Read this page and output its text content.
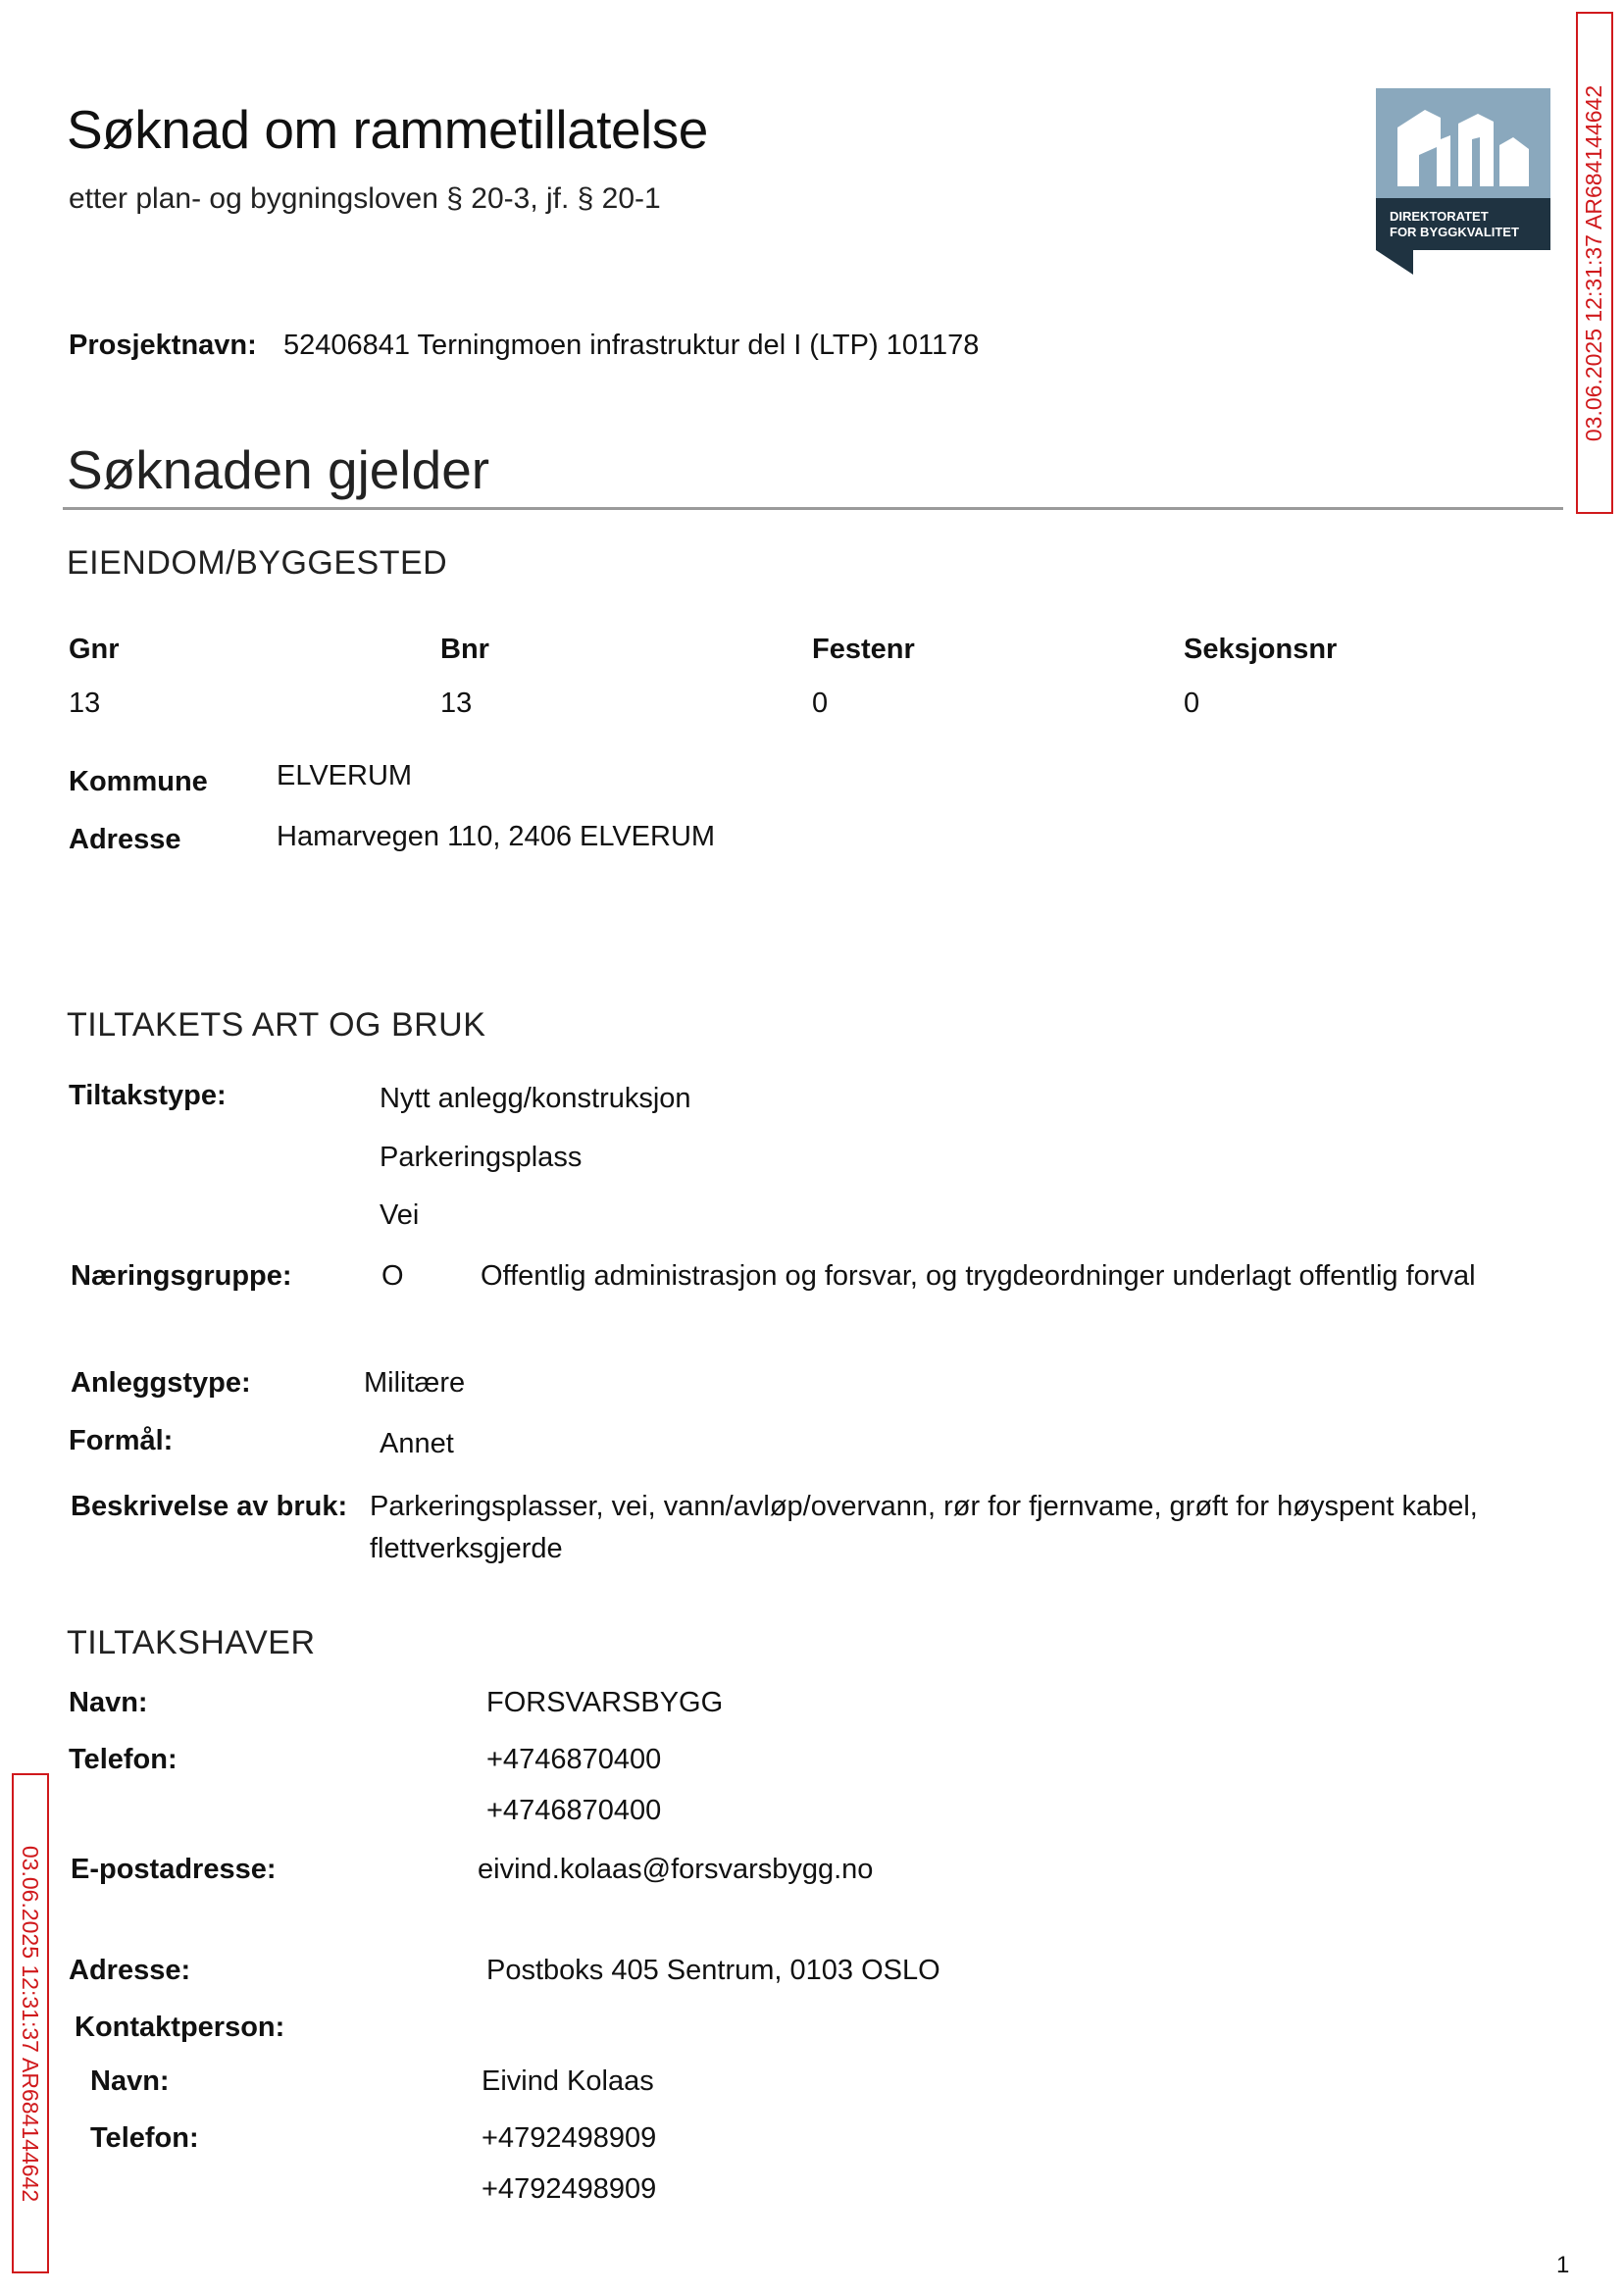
Søknad om rammetillatelse
etter plan- og bygningsloven § 20-3, jf. § 20-1
DIREKTORATET
FOR BYGGKVALITET	03.06.2025 12:31:37 AR684144642
03.06.2025 12:31:37 AR684144642
Prosjektnavn: 52406841 Terningmoen infrastruktur del I (LTP) 101178
Søknaden gjelder
EIENDOM/BYGGESTED
Gnr	Bnr	Festenr	Seksjonsnr
13	13	0	0
Kommune ELVERUM
Adresse	Hamarvegen 110, 2406 ELVERUM
TILTAKETS ART OG BRUK
Tiltakstype:	Nytt anlegg/konstruksjon
Parkeringsplass
Vei
Næringsgruppe:	O	Offentlig administrasjon og forsvar, og trygdeordninger underlagt offentlig forval
Anleggstype:	Militære
Formål:	Annet
Beskrivelse av bruk: Parkeringsplasser, vei, vann/avløp/overvann, rør for fjernvame, grøft for høyspent kabel,
flettverksgjerde
TILTAKSHAVER
Navn:	FORSVARSBYGG
Telefon:	+4746870400
+4746870400
E-postadresse:	eivind.kolaas@forsvarsbygg.no
Adresse:	Postboks 405 Sentrum, 0103 OSLO
Kontaktperson:
Navn:	Eivind Kolaas
Telefon:	+4792498909
+4792498909
1
